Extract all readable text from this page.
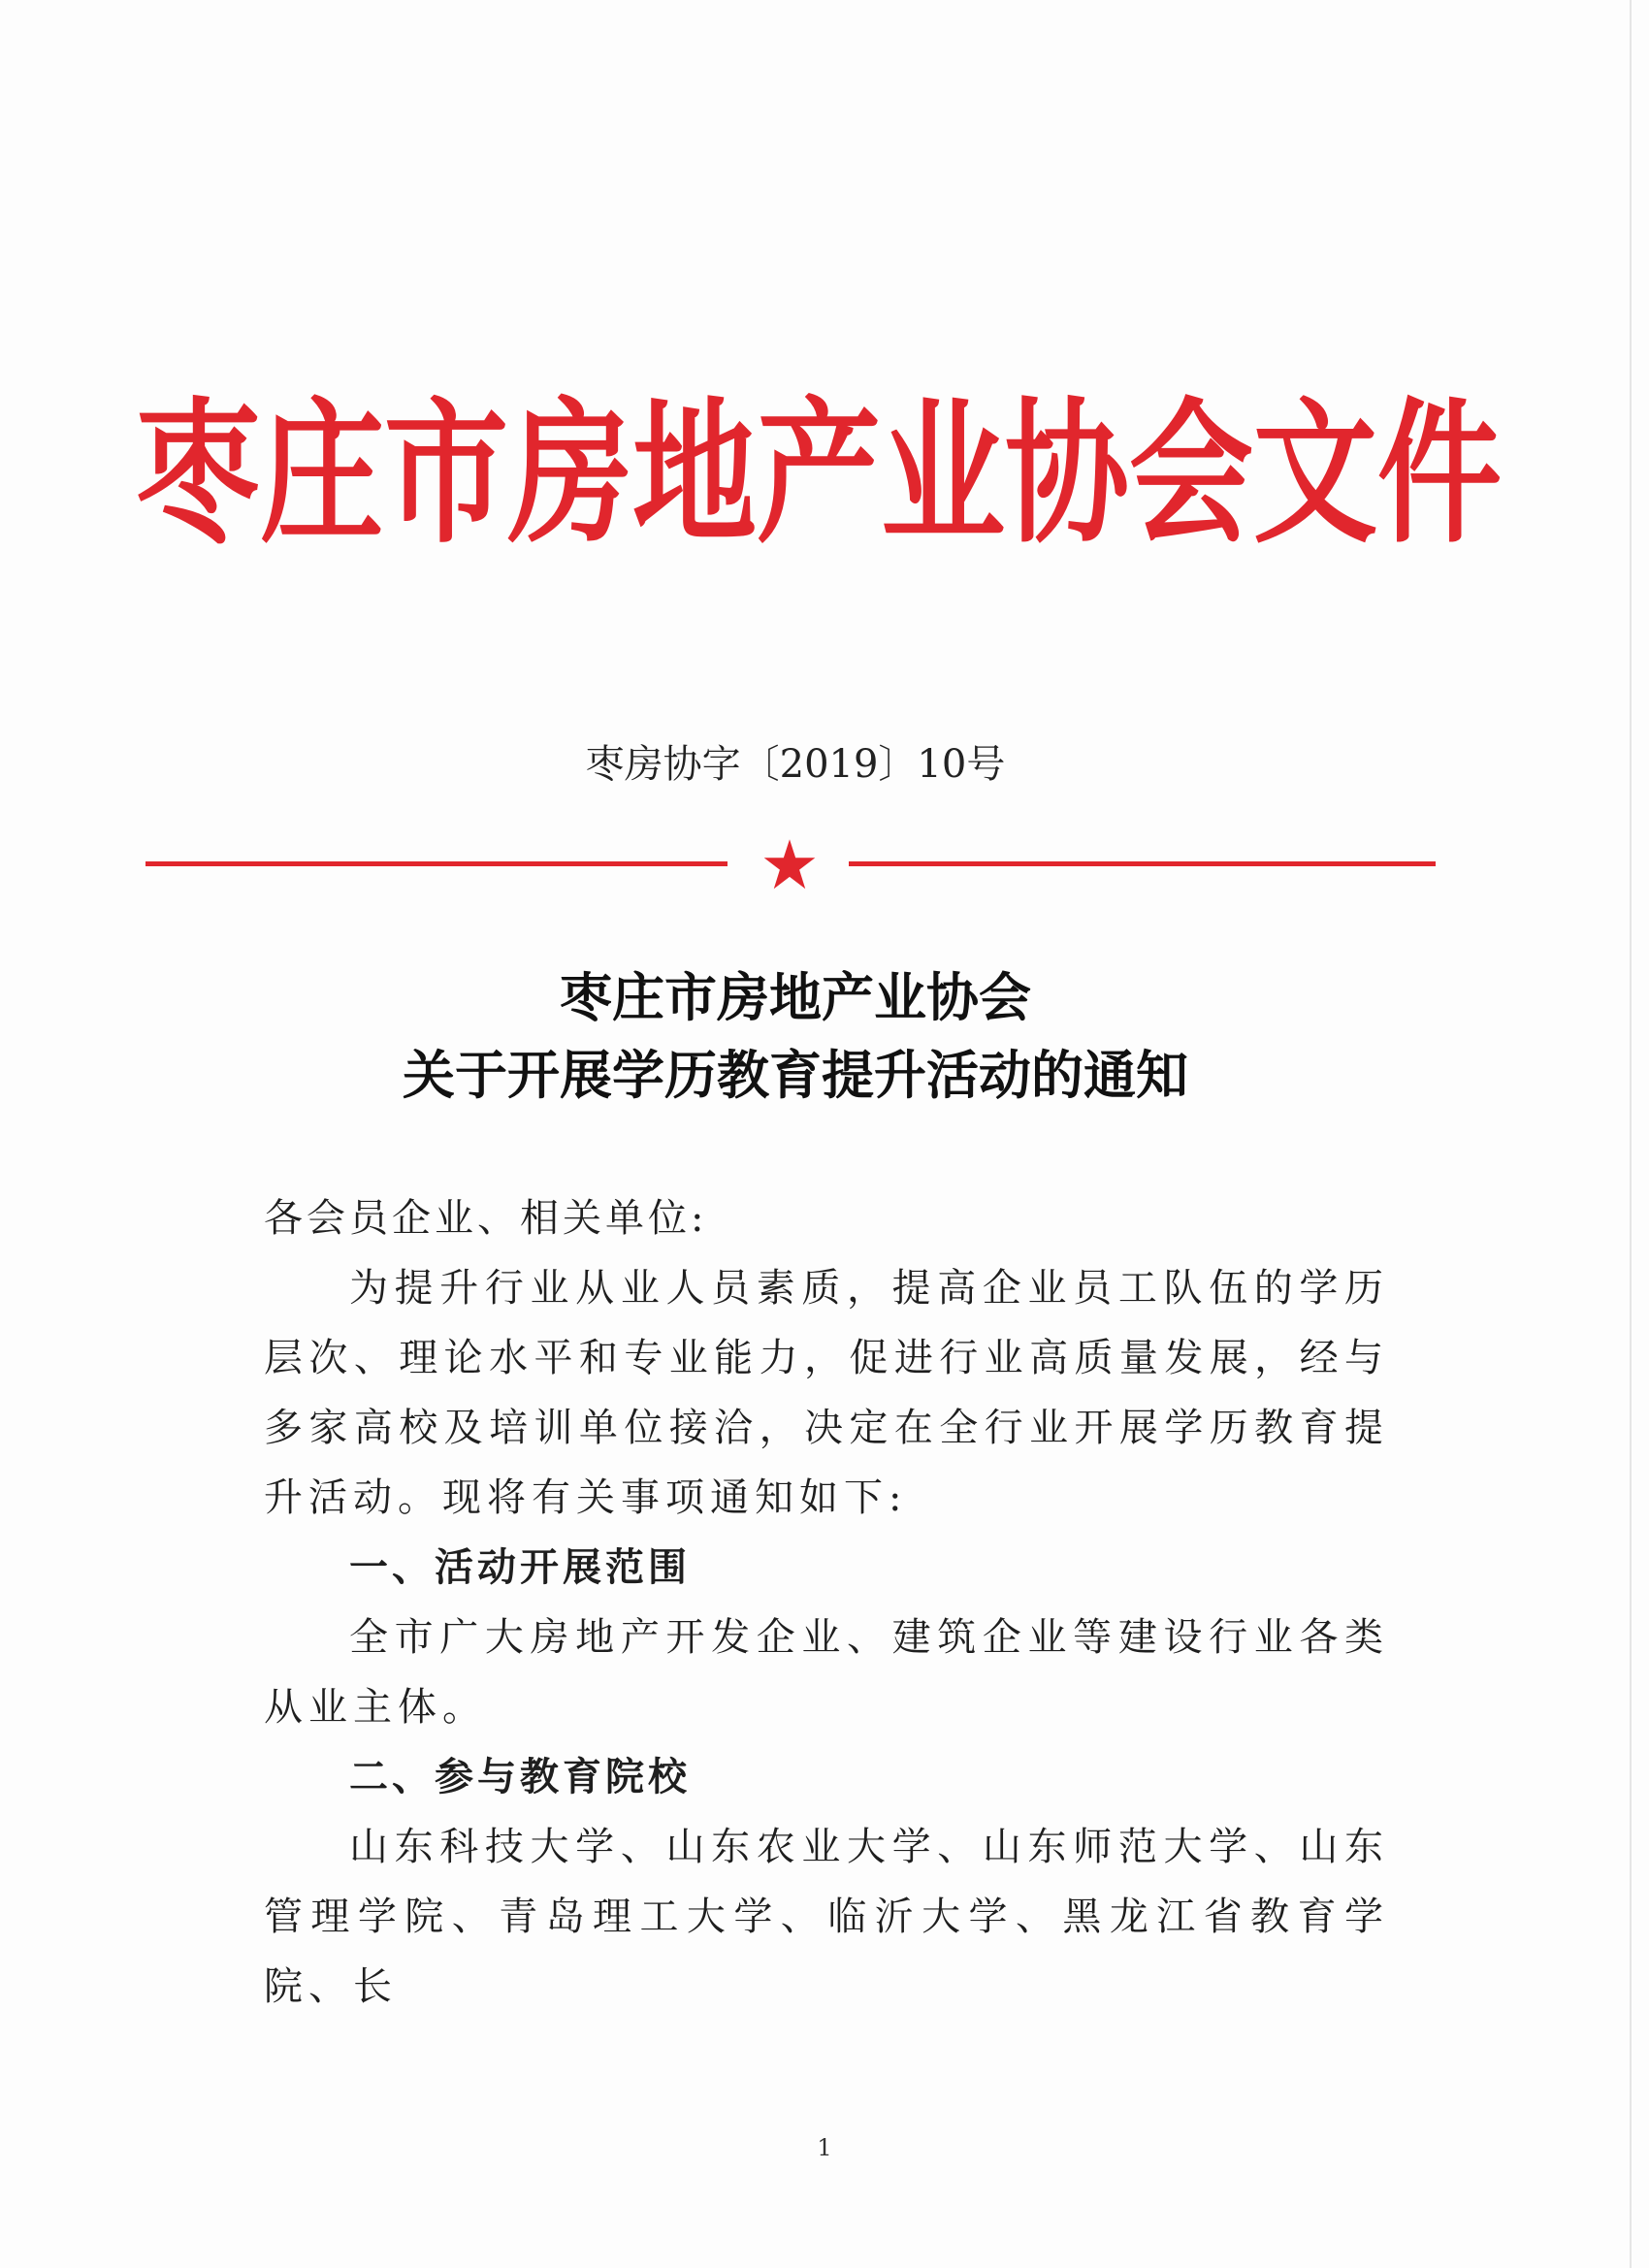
枣庄市房地产业协会文件
枣房协字〔2019〕10号
枣庄市房地产业协会
关于开展学历教育提升活动的通知

各会员企业、相关单位:

为提升行业从业人员素质，提高企业员工队伍的学历层次、理论水平和专业能力，促进行业高质量发展，经与多家高校及培训单位接洽，决定在全行业开展学历教育提升活动。现将有关事项通知如下:

一、活动开展范围

全市广大房地产开发企业、建筑企业等建设行业各类从业主体。

二、参与教育院校

山东科技大学、山东农业大学、山东师范大学、山东管理学院、青岛理工大学、临沂大学、黑龙江省教育学院、长

1
